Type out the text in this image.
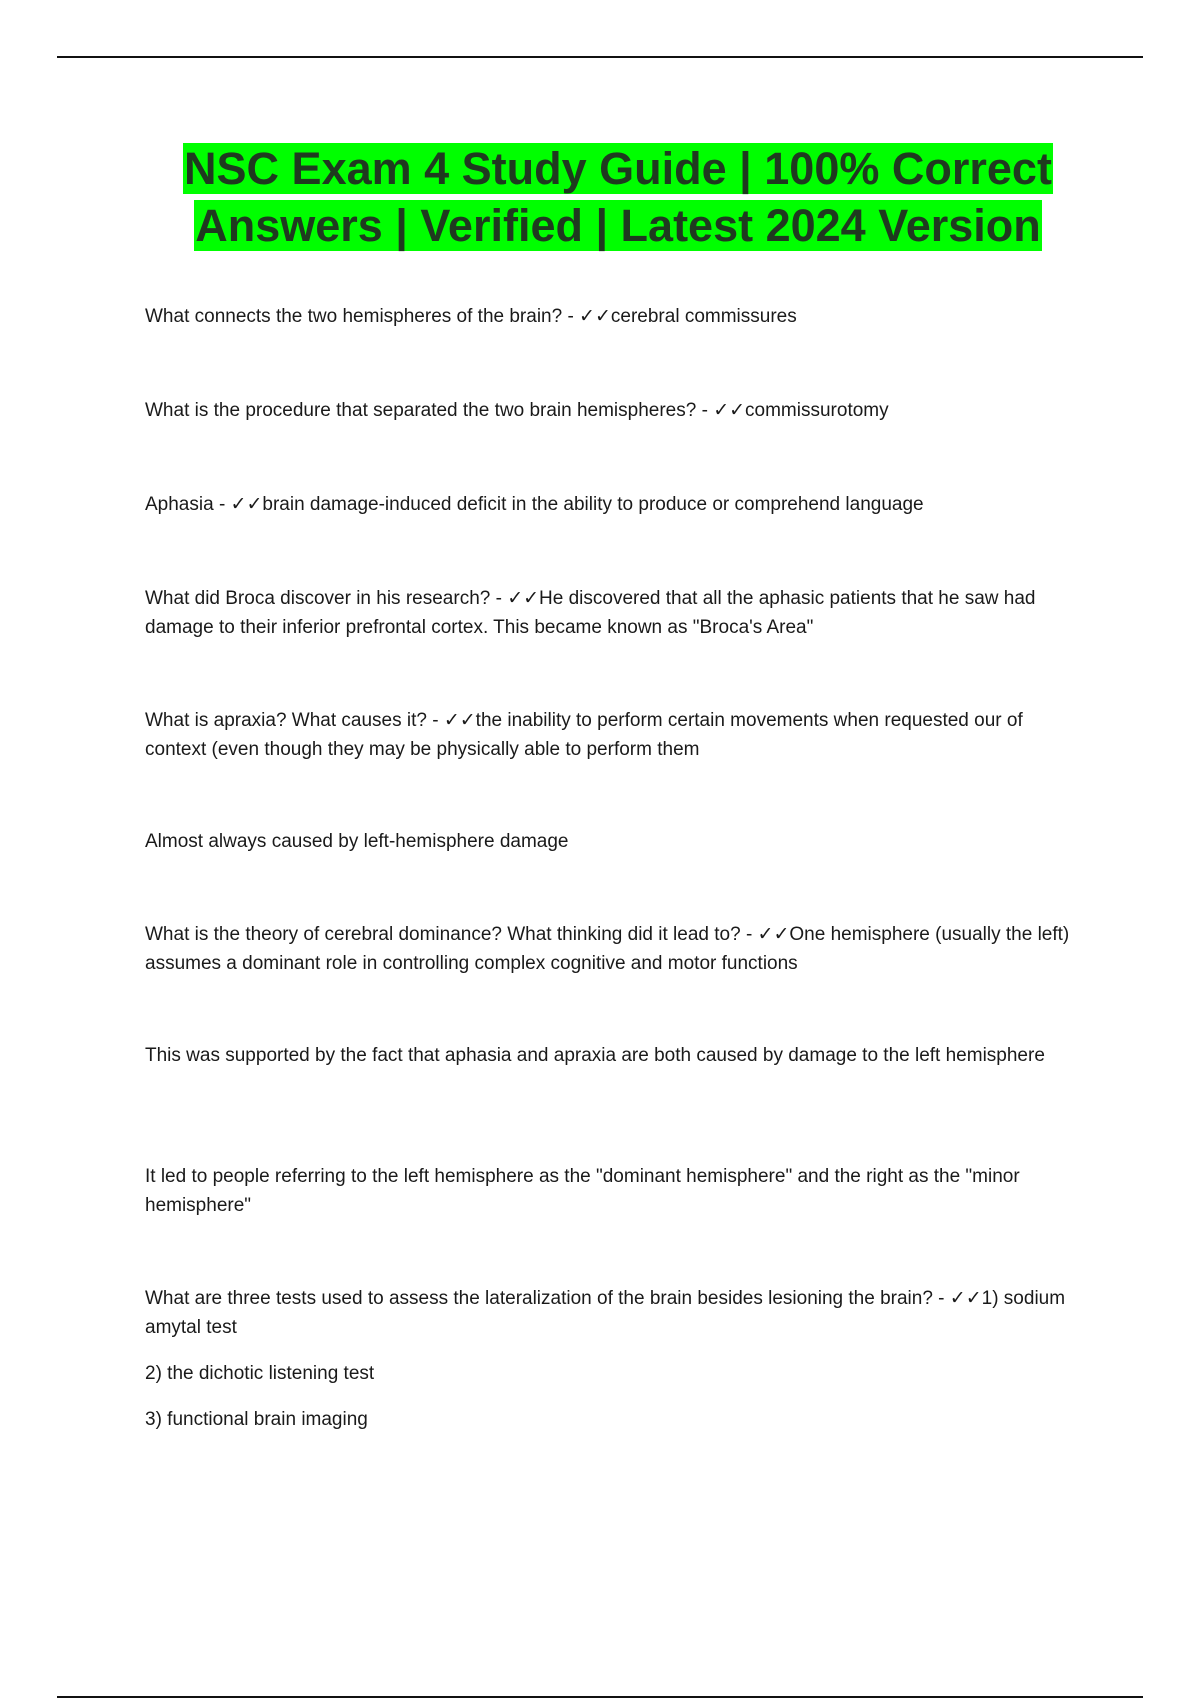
NSC Exam 4 Study Guide | 100% Correct
Answers | Verified | Latest 2024 Version

What connects the two hemispheres of the brain? - ✓✓cerebral commissures

What is the procedure that separated the two brain hemispheres? - ✓✓commissurotomy

Aphasia - ✓✓brain damage-induced deficit in the ability to produce or comprehend language

What did Broca discover in his research? - ✓✓He discovered that all the aphasic patients that he saw had damage to their inferior prefrontal cortex. This became known as "Broca's Area"

What is apraxia? What causes it? - ✓✓the inability to perform certain movements when requested our of context (even though they may be physically able to perform them

Almost always caused by left-hemisphere damage

What is the theory of cerebral dominance? What thinking did it lead to? - ✓✓One hemisphere (usually the left) assumes a dominant role in controlling complex cognitive and motor functions

This was supported by the fact that aphasia and apraxia are both caused by damage to the left hemisphere

It led to people referring to the left hemisphere as the "dominant hemisphere" and the right as the "minor hemisphere"

What are three tests used to assess the lateralization of the brain besides lesioning the brain? - ✓✓1) sodium amytal test

2) the dichotic listening test

3) functional brain imaging
